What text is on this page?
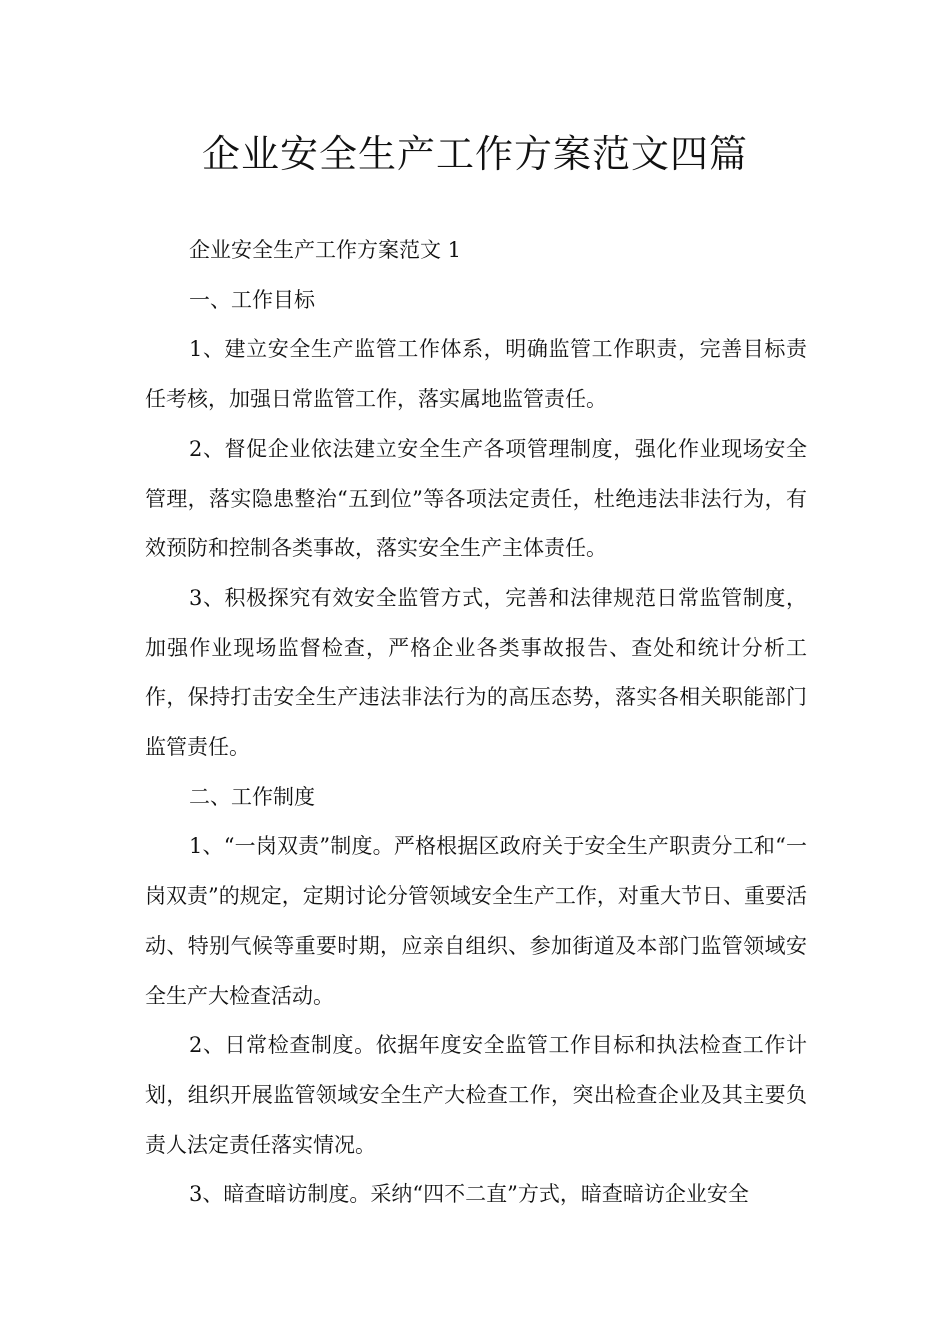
企业安全生产工作方案范文四篇

企业安全生产工作方案范文 1

一、工作目标

1、建立安全生产监管工作体系，明确监管工作职责，完善目标责任考核，加强日常监管工作，落实属地监管责任。

2、督促企业依法建立安全生产各项管理制度，强化作业现场安全管理，落实隐患整治“五到位”等各项法定责任，杜绝违法非法行为，有效预防和控制各类事故，落实安全生产主体责任。

3、积极探究有效安全监管方式，完善和法律规范日常监管制度，加强作业现场监督检查，严格企业各类事故报告、查处和统计分析工作，保持打击安全生产违法非法行为的高压态势，落实各相关职能部门监管责任。

二、工作制度

1、“一岗双责”制度。严格根据区政府关于安全生产职责分工和“一岗双责”的规定，定期讨论分管领域安全生产工作，对重大节日、重要活动、特别气候等重要时期，应亲自组织、参加街道及本部门监管领域安全生产大检查活动。

2、日常检查制度。依据年度安全监管工作目标和执法检查工作计划，组织开展监管领域安全生产大检查工作，突出检查企业及其主要负责人法定责任落实情况。

3、暗查暗访制度。采纳“四不二直”方式，暗查暗访企业安全
